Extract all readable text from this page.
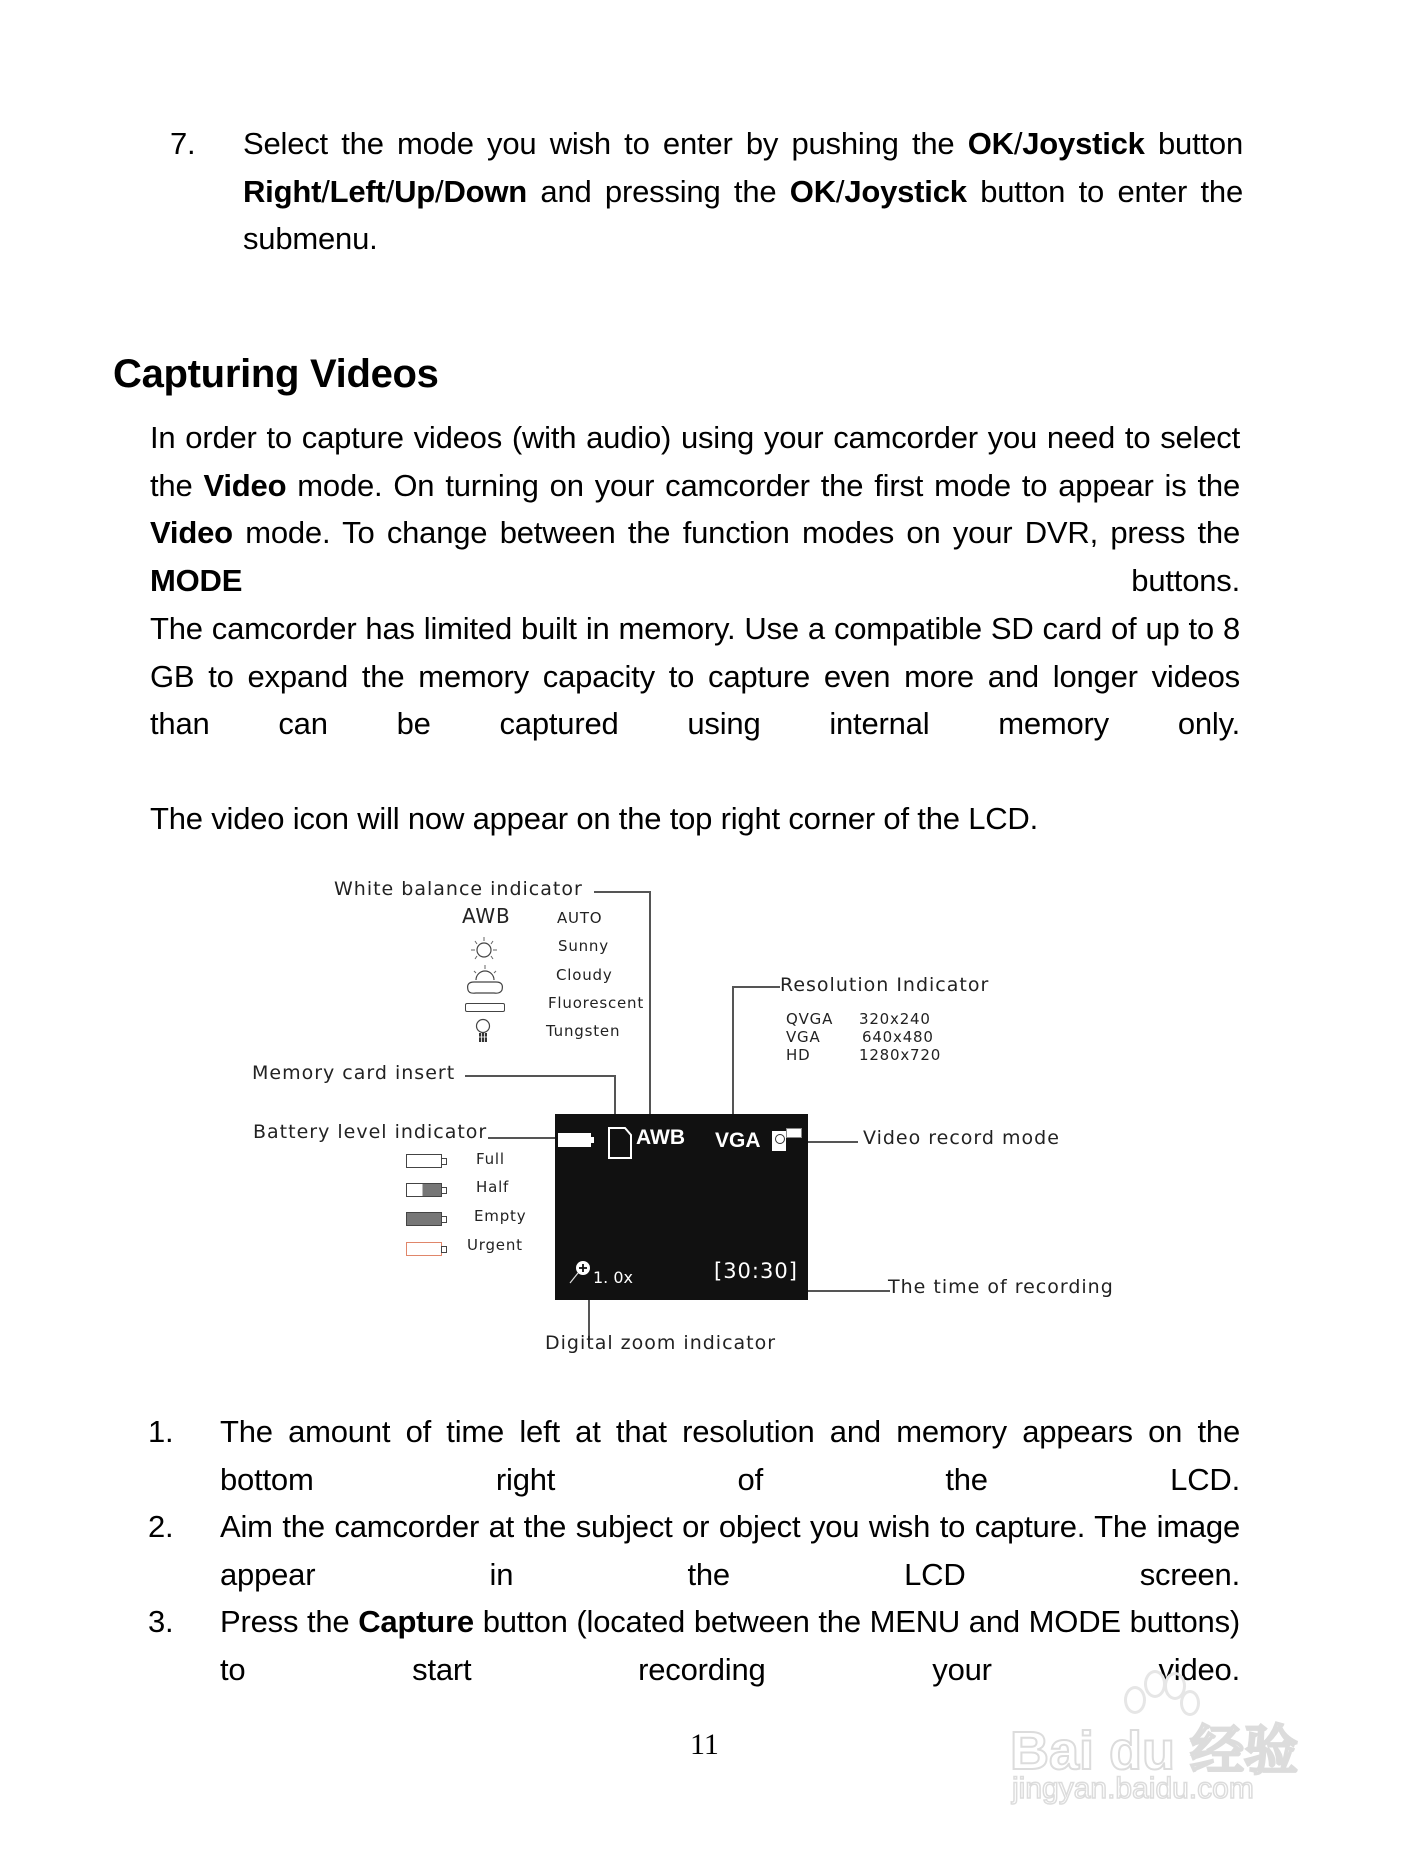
7. Select the mode you wish to enter by pushing the OK/Joystick button Right/Left/Up/Down and pressing the OK/Joystick button to enter the submenu.
Capturing Videos
In order to capture videos (with audio) using your camcorder you need to select the Video mode. On turning on your camcorder the first mode to appear is the Video mode. To change between the function modes on your DVR, press the MODE buttons.
The camcorder has limited built in memory. Use a compatible SD card of up to 8 GB to expand the memory capacity to capture even more and longer videos than can be captured using internal memory only.
The video icon will now appear on the top right corner of the LCD.
White balance indicator
AWB	AUTO
Sunny
Cloudy
Fluorescent
Tungsten
Resolution Indicator
QVGA 320x240
VGA	640x480
HD	1280x720
Memory card insert
Battery level indicator
Full
Half
Empty
Urgent
AWB VGA
1. 0x	[30:30]
Video record mode
The time of recording
Digital zoom indicator
1. The amount of time left at that resolution and memory appears on the bottom right of the LCD.
2. Aim the camcorder at the subject or object you wish to capture. The image appear in the LCD screen.
3. Press the Capture button (located between the MENU and MODE buttons) to start recording your video.
11	Bai du 经验
jingyan.baidu.com
